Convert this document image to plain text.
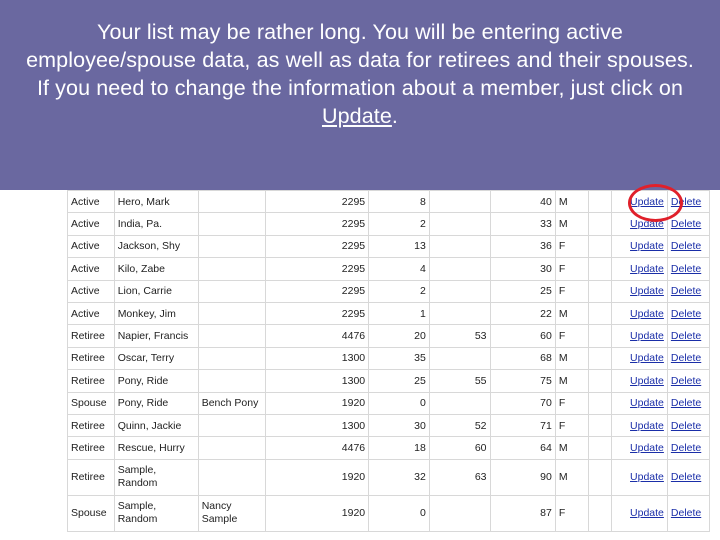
Your list may be rather long. You will be entering active employee/spouse data, as well as data for retirees and their spouses. If you need to change the information about a member, just click on Update.
Active	Hero, Mark		2295	8		40	M		Update	Delete
Active	India, Pa.		2295	2		33	M		Update	Delete
Active	Jackson, Shy		2295	13		36	F		Update	Delete
Active	Kilo, Zabe		2295	4		30	F		Update	Delete
Active	Lion, Carrie		2295	2		25	F		Update	Delete
Active	Monkey, Jim		2295	1		22	M		Update	Delete
Retiree	Napier, Francis		4476	20	53	60	F		Update	Delete
Retiree	Oscar, Terry		1300	35		68	M		Update	Delete
Retiree	Pony, Ride		1300	25	55	75	M		Update	Delete
Spouse	Pony, Ride	Bench Pony	1920	0		70	F		Update	Delete
Retiree	Quinn, Jackie		1300	30	52	71	F		Update	Delete
Retiree	Rescue, Hurry		4476	18	60	64	M		Update	Delete
Retiree	Sample, Random		1920	32	63	90	M		Update	Delete
Spouse	Sample, Random	Nancy Sample	1920	0		87	F		Update	Delete
